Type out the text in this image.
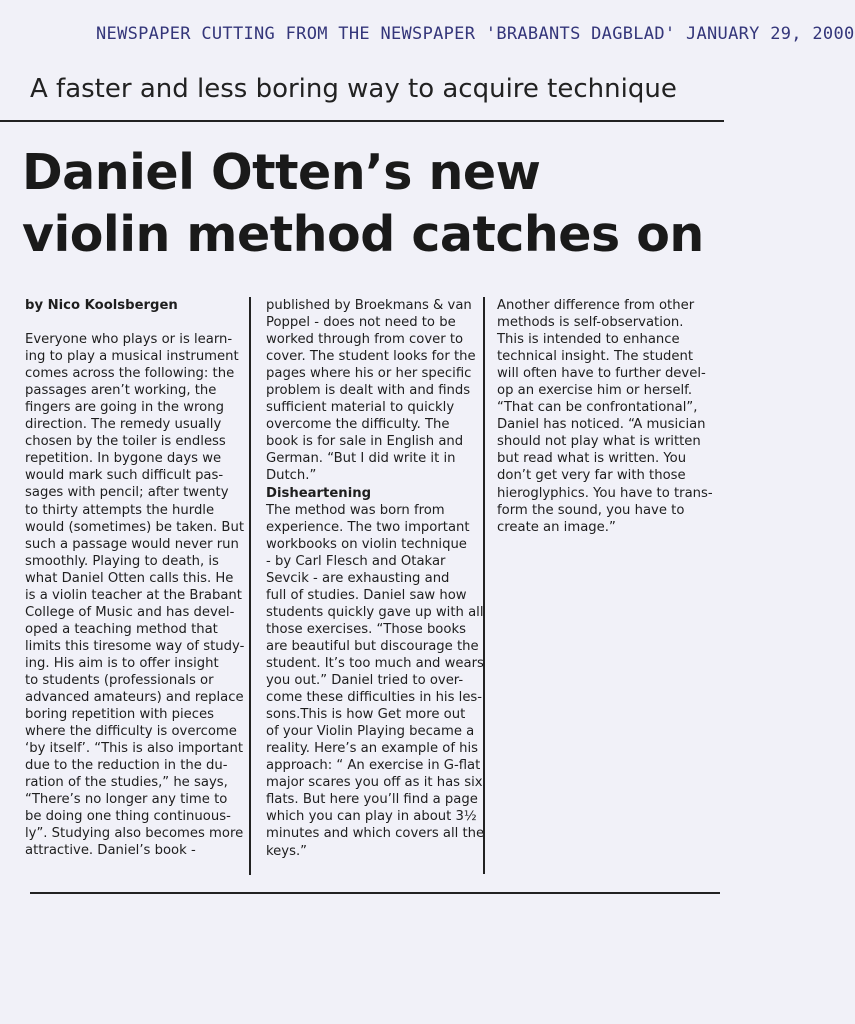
NEWSPAPER CUTTING FROM THE NEWSPAPER 'BRABANTS DAGBLAD' JANUARY 29, 2000
A faster and less boring way to acquire technique
Daniel Otten’s new
violin method catches on

by Nico Koolsbergen

Everyone who plays or is learn-

ing to play a musical instrument

comes across the following: the

passages aren’t working, the

fingers are going in the wrong

direction. The remedy usually

chosen by the toiler is endless

repetition. In bygone days we

would mark such difficult pas-

sages with pencil; after twenty

to thirty attempts the hurdle

would (sometimes) be taken. But

such a passage would never run

smoothly. Playing to death, is

what Daniel Otten calls this. He

is a violin teacher at the Brabant

College of Music and has devel-

oped a teaching method that

limits this tiresome way of study-

ing. His aim is to offer insight

to students (professionals or

advanced amateurs) and replace

boring repetition with pieces

where the difficulty is overcome

‘by itself’. “This is also important

due to the reduction in the du-

ration of the studies,” he says,

“There’s no longer any time to

be doing one thing continuous-

ly”. Studying also becomes more

attractive. Daniel’s book -

published by Broekmans & van

Poppel - does not need to be

worked through from cover to

cover. The student looks for the

pages where his or her specific

problem is dealt with and finds

sufficient material to quickly

overcome the difficulty. The

book is for sale in English and

German. “But I did write it in

Dutch.”

Disheartening

The method was born from

experience. The two important

workbooks on violin technique

- by Carl Flesch and Otakar

Sevcik - are exhausting and

full of studies. Daniel saw how

students quickly gave up with all

those exercises. “Those books

are beautiful but discourage the

student. It’s too much and wears

you out.” Daniel tried to over-

come these difficulties in his les-

sons.This is how Get more out

of your Violin Playing became a

reality. Here’s an example of his

approach: “ An exercise in G-flat

major scares you off as it has six

flats. But here you’ll find a page

which you can play in about 3½

minutes and which covers all the

keys.”

Another difference from other

methods is self-observation.

This is intended to enhance

technical insight. The student

will often have to further devel-

op an exercise him or herself.

“That can be confrontational”,

Daniel has noticed. “A musician

should not play what is written

but read what is written. You

don’t get very far with those

hieroglyphics. You have to trans-

form the sound, you have to

create an image.”
